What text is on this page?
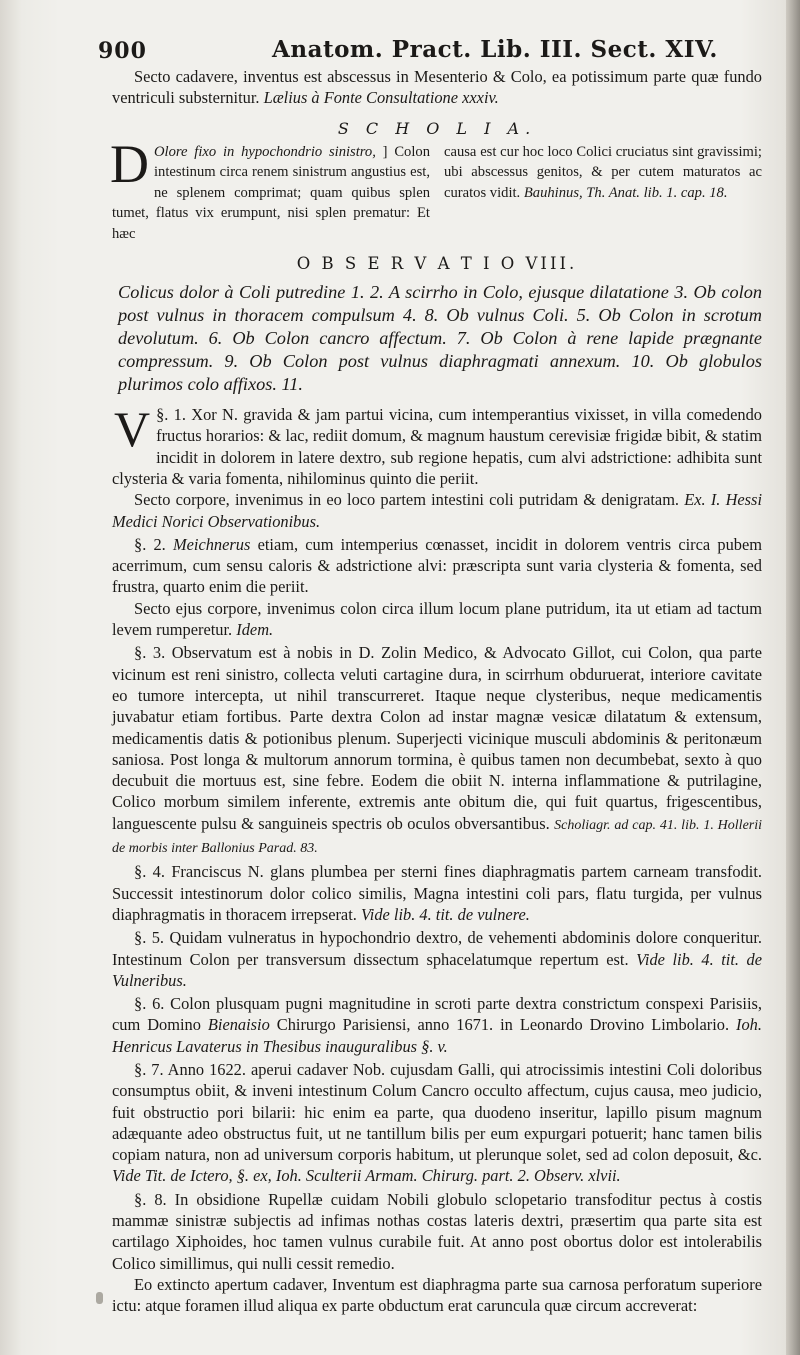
900	Anatom. Pract. Lib. III. Sect. XIV.

Secto cadavere, inventus est abscessus in Mesenterio & Colo, ea potissimum parte quæ fundo ventriculi substernitur. Lælius à Fonte Consultatione xxxiv.

S C H O L I A.

D Olore fixo in hypochondrio sinistro, ] Colon intestinum circa renem sinistrum angustius est, ne splenem comprimat; quam quibus splen tumet, flatus vix erumpunt, nisi splen prematur: Et hæc
causa est cur hoc loco Colici cruciatus sint gravissimi; ubi abscessus genitos, & per cutem maturatos ac curatos vidit. Bauhinus, Th. Anat. lib. 1. cap. 18.

O B S E R V A T I O VIII.

Colicus dolor à Coli putredine 1. 2. A scirrho in Colo, ejusque dilatatione 3. Ob colon post vulnus in thoracem compulsum 4. 8. Ob vulnus Coli. 5. Ob Colon in scrotum devolutum. 6. Ob Colon cancro affectum. 7. Ob Colon à rene lapide prægnante compressum. 9. Ob Colon post vulnus diaphragmati annexum. 10. Ob globulos plurimos colo affixos. 11.

§. 1.
V	Xor N. gravida & jam partui vicina, cum intemperantius vixisset, in villa comedendo fructus horarios: & lac, rediit domum, & magnum haustum cerevisiæ frigidæ bibit, & statim incidit in dolorem in latere dextro, sub regione hepatis, cum alvi adstrictione: adhibita sunt clysteria & varia fomenta, nihilominus quinto die periit.

Secto corpore, invenimus in eo loco partem intestini coli putridam & denigratam. Ex. I. Hessi Medici Norici Observationibus.

§. 2. Meichnerus etiam, cum intemperius cœnasset, incidit in dolorem ventris circa pubem acerrimum, cum sensu caloris & adstrictione alvi: præscripta sunt varia clysteria & fomenta, sed frustra, quarto enim die periit.

Secto ejus corpore, invenimus colon circa illum locum plane putridum, ita ut etiam ad tactum levem rumperetur. Idem.

§. 3. Observatum est à nobis in D. Zolin Medico, & Advocato Gillot, cui Colon, qua parte vicinum est reni sinistro, collecta veluti cartagine dura, in scirrhum obduruerat, interiore cavitate eo tumore intercepta, ut nihil transcurreret. Itaque neque clysteribus, neque medicamentis juvabatur etiam fortibus. Parte dextra Colon ad instar magnæ vesicæ dilatatum & extensum, medicamentis datis & potionibus plenum. Superjecti vicinique musculi abdominis & peritonæum saniosa. Post longa & multorum annorum tormina, è quibus tamen non decumbebat, sexto à quo decubuit die mortuus est, sine febre. Eodem die obiit N. interna inflammatione & putrilagine, Colico morbum similem inferente, extremis ante obitum die, qui fuit quartus, frigescentibus, languescente pulsu & sanguineis spectris ob oculos obversantibus. Scholiagr. ad cap. 41. lib. 1. Hollerii de morbis inter Ballonius Parad. 83.

§. 4. Franciscus N. glans plumbea per sterni fines diaphragmatis partem carneam transfodit. Successit intestinorum dolor colico similis, Magna intestini coli pars, flatu turgida, per vulnus diaphragmatis in thoracem irrepserat. Vide lib. 4. tit. de vulnere.

§. 5. Quidam vulneratus in hypochondrio dextro, de vehementi abdominis dolore conqueritur. Intestinum Colon per transversum dissectum sphacelatumque repertum est. Vide lib. 4. tit. de Vulneribus.

§. 6. Colon plusquam pugni magnitudine in scroti parte dextra constrictum conspexi Parisiis, cum Domino Bienaisio Chirurgo Parisiensi, anno 1671. in Leonardo Drovino Limbolario. Ioh. Henricus Lavaterus in Thesibus inauguralibus §. v.

§. 7. Anno 1622. aperui cadaver Nob. cujusdam Galli, qui atrocissimis intestini Coli doloribus consumptus obiit, & inveni intestinum Colum Cancro occulto affectum, cujus causa, meo judicio, fuit obstructio pori bilarii: hic enim ea parte, qua duodeno inseritur, lapillo pisum magnum adæquante adeo obstructus fuit, ut ne tantillum bilis per eum expurgari potuerit; hanc tamen bilis copiam natura, non ad universum corporis habitum, ut plerunque solet, sed ad colon deposuit, &c. Vide Tit. de Ictero, §. ex, Ioh. Sculterii Armam. Chirurg. part. 2. Observ. xlvii.

§. 8. In obsidione Rupellæ cuidam Nobili globulo sclopetario transfoditur pectus à costis mammæ sinistræ subjectis ad infimas nothas costas lateris dextri, præsertim qua parte sita est cartilago Xiphoides, hoc tamen vulnus curabile fuit. At anno post obortus dolor est intolerabilis Colico simillimus, qui nulli cessit remedio.

Eo extincto apertum cadaver, Inventum est diaphragma parte sua carnosa perforatum superiore ictu: atque foramen illud aliqua ex parte obductum erat caruncula quæ circum accreverat:
